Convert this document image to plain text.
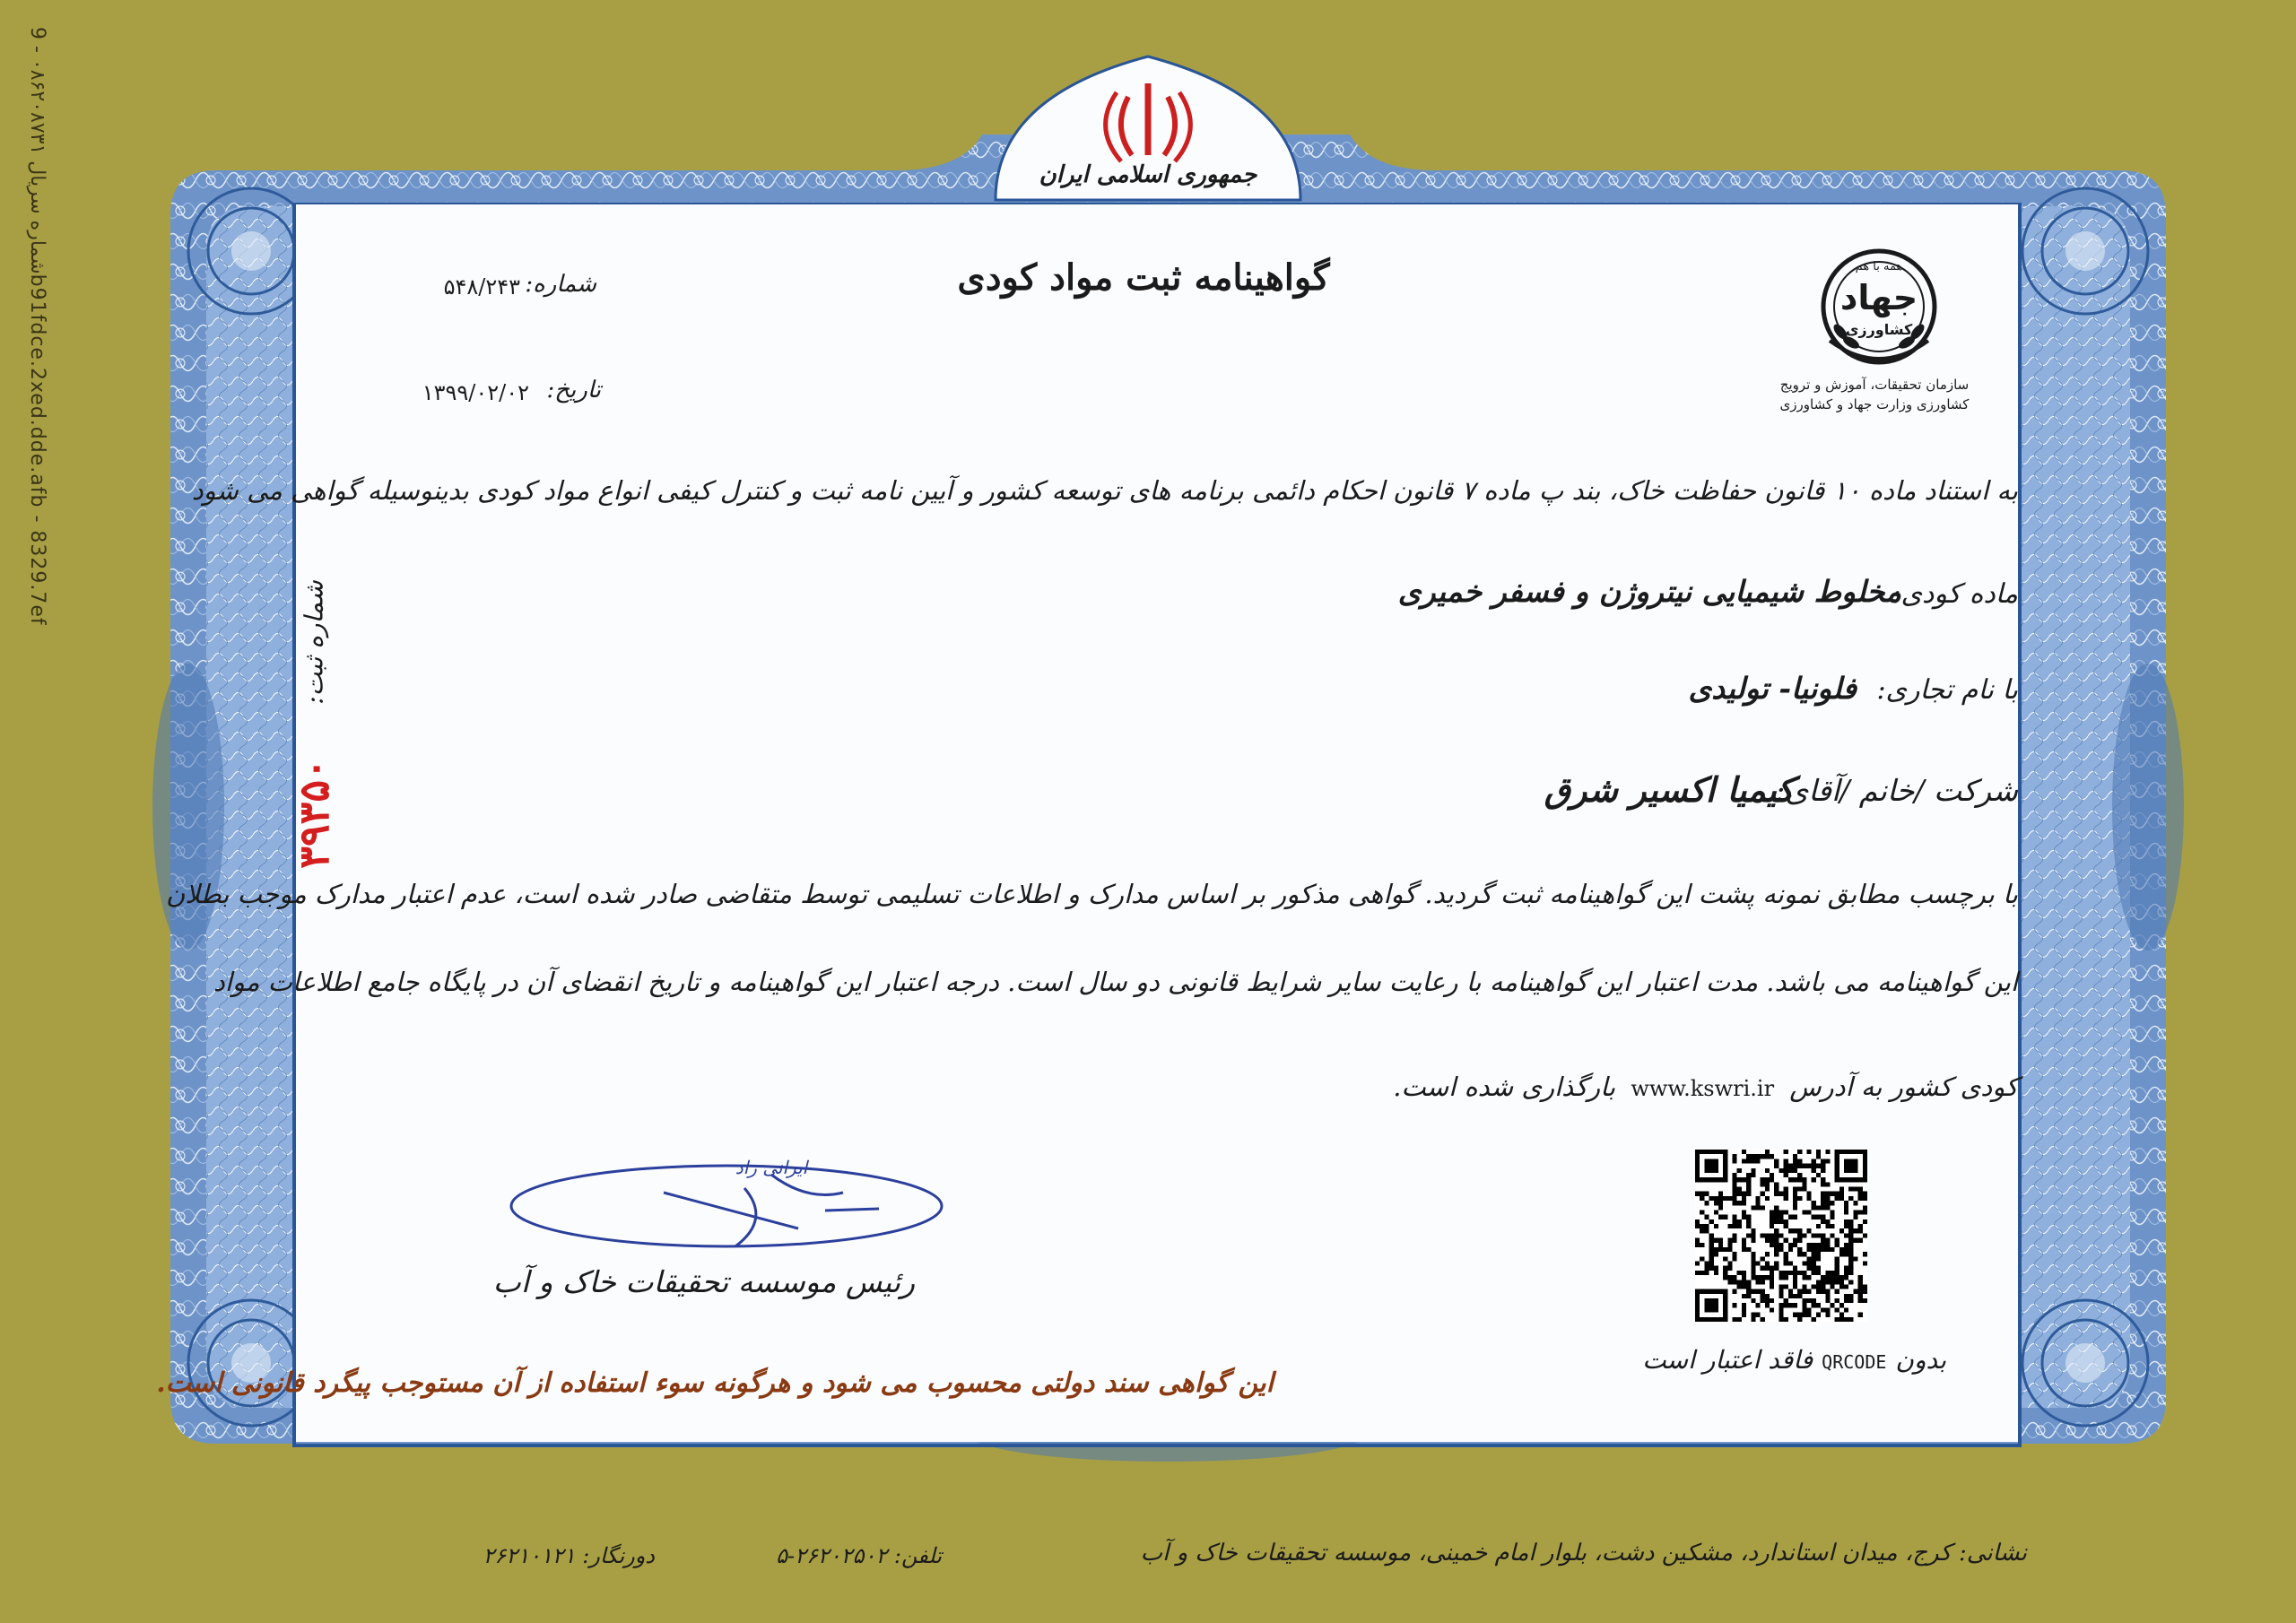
شماره سریال ۰۸۶۲۰۸۷۳۱ - 9b91fdce.2xed.dde.afb - 8329.7ef
جمهوری اسلامی ایران
گواهینامه ثبت مواد کودی
شماره:
۵۴۸/۲۴۳
تاریخ:
۱۳۹۹/۰۲/۰۲
همه با هم
جهاد
کشاورزی
سازمان تحقیقات، آموزش و ترویج
کشاورزی وزارت جهاد و کشاورزی
به استناد ماده ۱۰ قانون حفاظت خاک، بند پ ماده ۷ قانون احکام دائمی برنامه های توسعه کشور و آیین نامه ثبت و کنترل کیفی انواع مواد کودی بدینوسیله گواهی می شود
ماده کودی:
مخلوط شیمیایی نیتروژن و فسفر خمیری
با نام تجاری:
فلونیا- تولیدی
شرکت /خانم /آقای:
کیمیا اکسیر شرق
با برچسب مطابق نمونه پشت این گواهینامه ثبت گردید. گواهی مذکور بر اساس مدارک و اطلاعات تسلیمی توسط متقاضی صادر شده است، عدم اعتبار مدارک موجب بطلان
این گواهینامه می باشد. مدت اعتبار این گواهینامه با رعایت سایر شرایط قانونی دو سال است. درجه اعتبار این گواهینامه و تاریخ انقضای آن در پایگاه جامع اطلاعات مواد
کودی کشور به آدرس www.kswri.ir بارگذاری شده است.
شماره ثبت:
۳۹۳۵۰
ایرانی راد
رئیس موسسه تحقیقات خاک و آب
این گواهی سند دولتی محسوب می شود و هرگونه سوء استفاده از آن مستوجب پیگرد قانونی است.
بدونQRCODEفاقد اعتبار است
نشانی: کرج، میدان استاندارد، مشکین دشت، بلوار امام خمینی، موسسه تحقیقات خاک و آب
تلفن: ۲۶۲۰۲۵۰۲-۵
دورنگار: ۲۶۲۱۰۱۲۱
